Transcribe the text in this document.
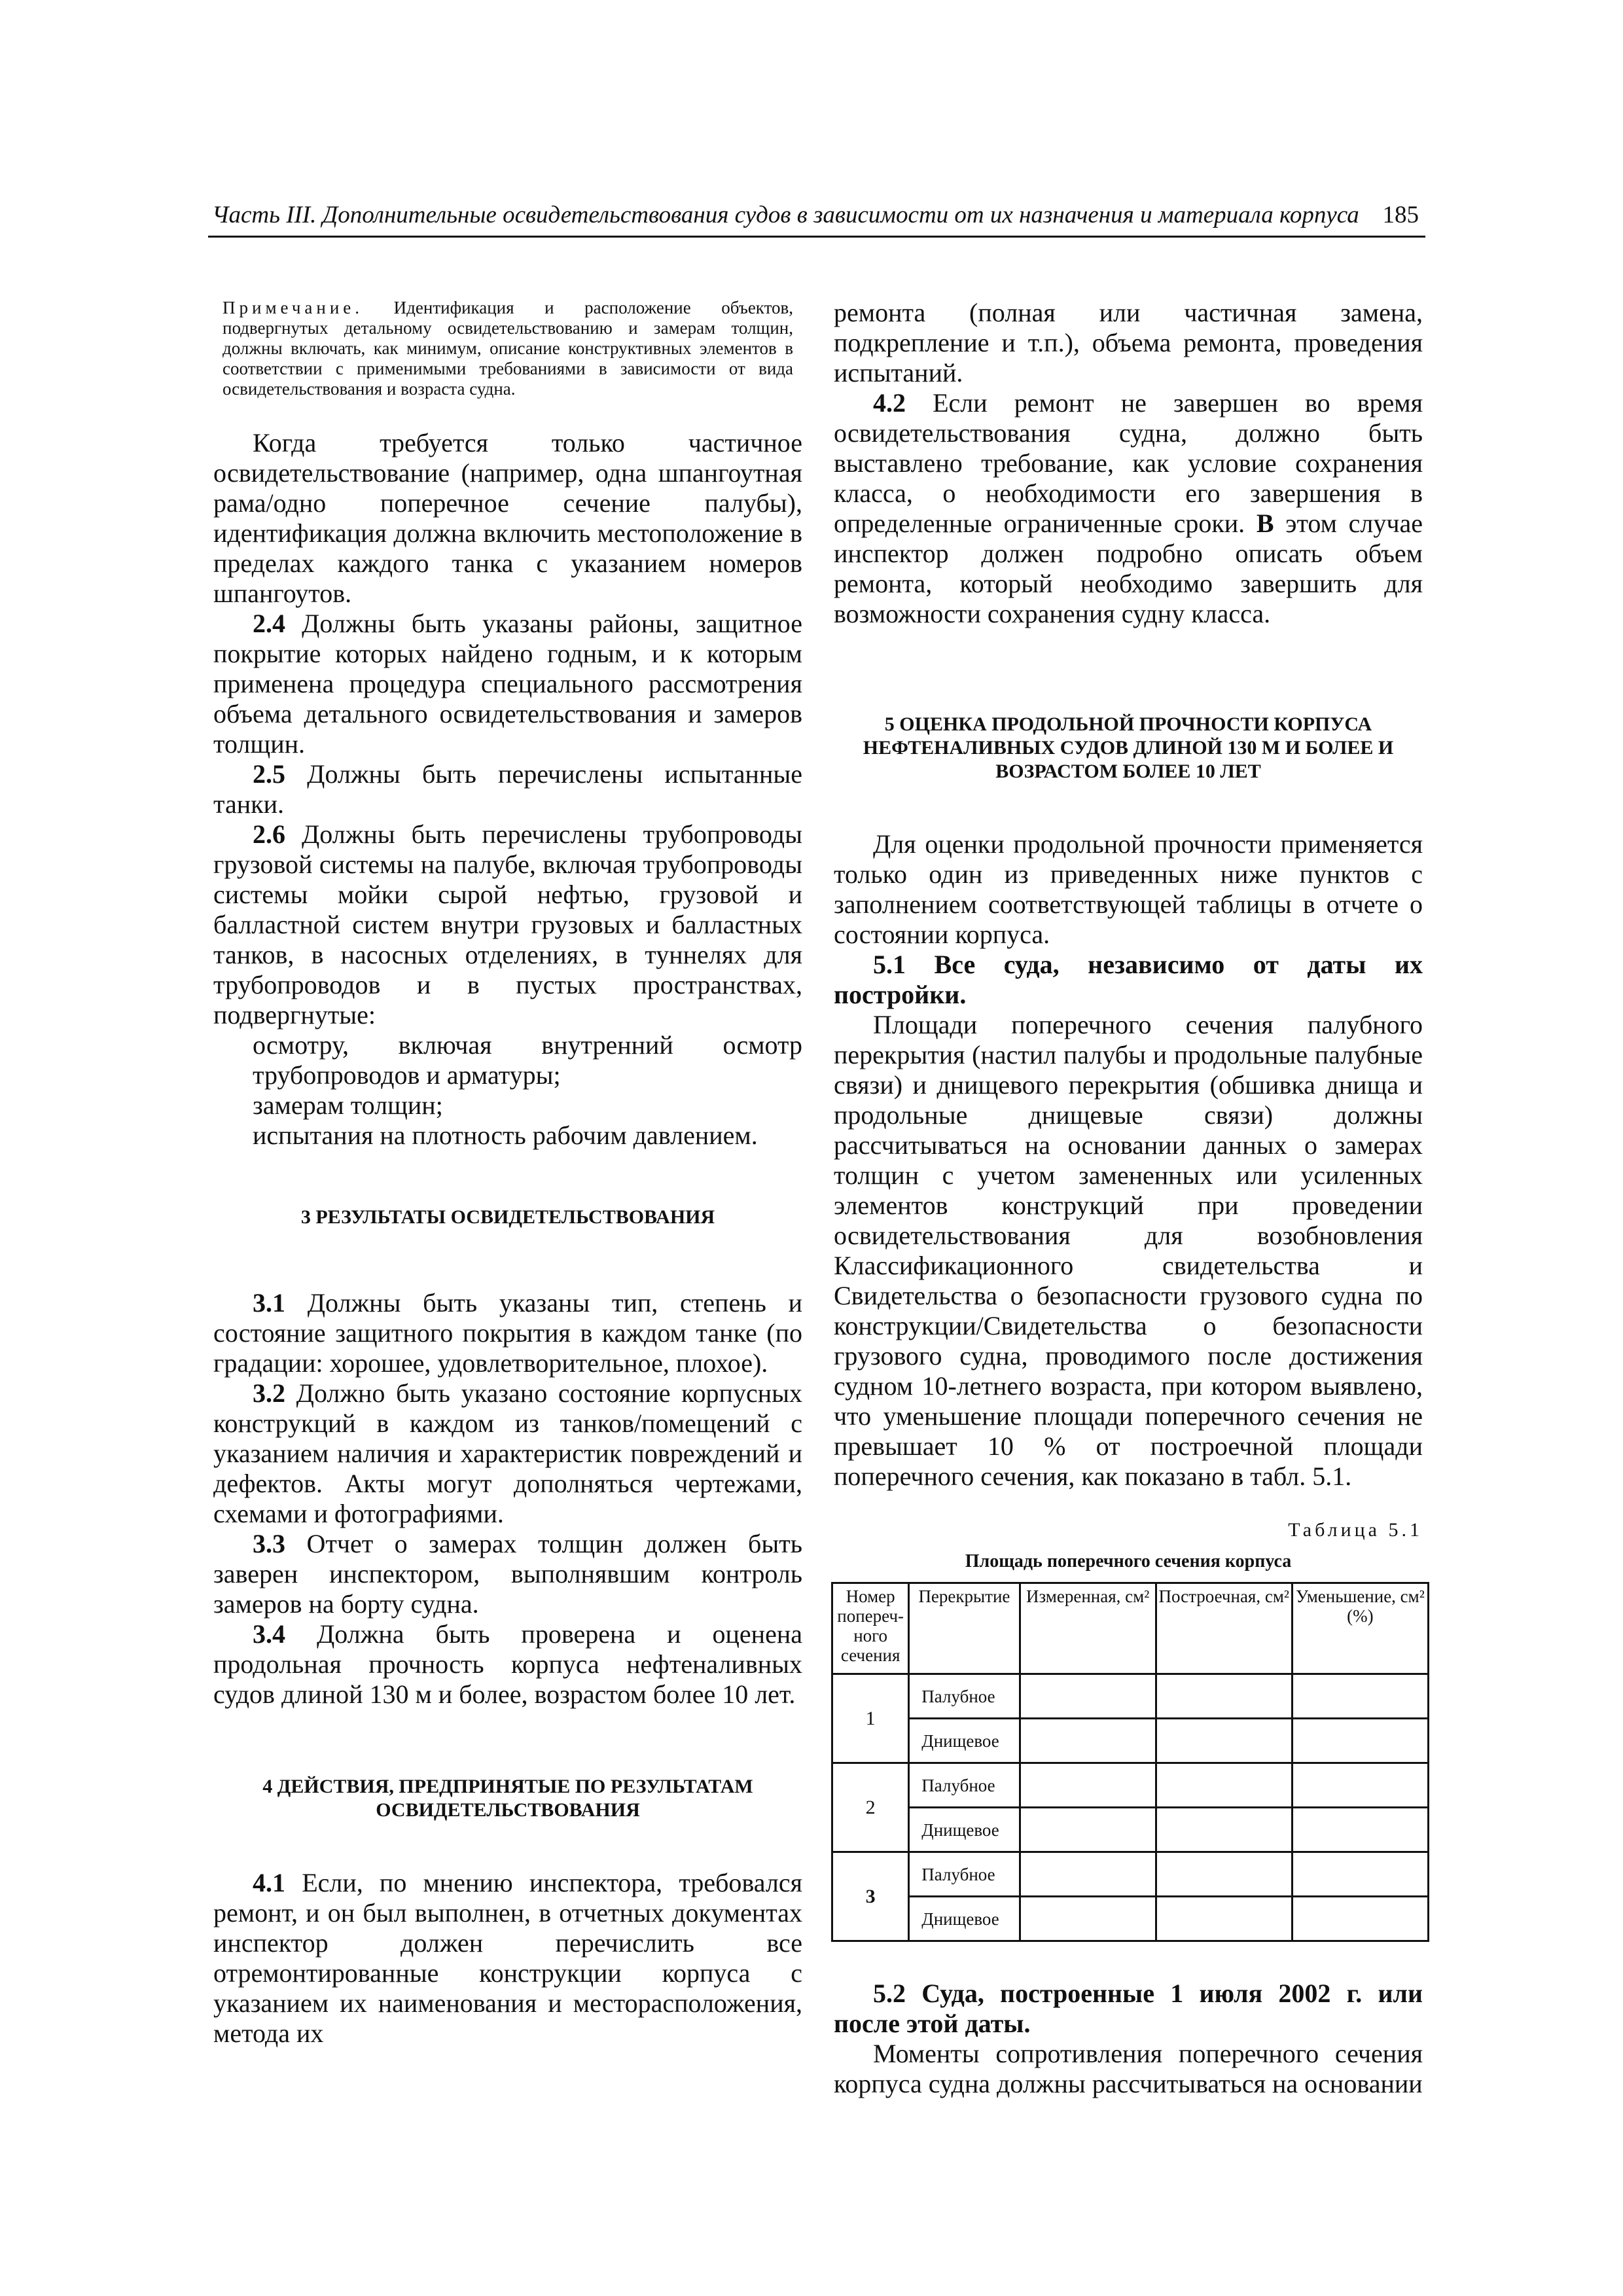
Часть III. Дополнительные освидетельствования судов в зависимости от их назначения и материала корпуса 185
Примечание. Идентификация и расположение объектов, подвергнутых детальному освидетельствованию и замерам толщин, должны включать, как минимум, описание конструктивных элементов в соответствии с применимыми требованиями в зависимости от вида освидетельствования и возраста судна.

Когда требуется только частичное освидетельствование (например, одна шпангоутная рама/одно поперечное сечение палубы), идентификация должна включить местоположение в пределах каждого танка с указанием номеров шпангоутов.

2.4 Должны быть указаны районы, защитное покрытие которых найдено годным, и к которым применена процедура специального рассмотрения объема детального освидетельствования и замеров толщин.

2.5 Должны быть перечислены испытанные танки.

2.6 Должны быть перечислены трубопроводы грузовой системы на палубе, включая трубопроводы системы мойки сырой нефтью, грузовой и балластной систем внутри грузовых и балластных танков, в насосных отделениях, в туннелях для трубопроводов и в пустых пространствах, подвергнутые:

осмотру, включая внутренний осмотр трубопроводов и арматуры;

замерам толщин;

испытания на плотность рабочим давлением.

3 РЕЗУЛЬТАТЫ ОСВИДЕТЕЛЬСТВОВАНИЯ

3.1 Должны быть указаны тип, степень и состояние защитного покрытия в каждом танке (по градации: хорошее, удовлетворительное, плохое).

3.2 Должно быть указано состояние корпусных конструкций в каждом из танков/помещений с указанием наличия и характеристик повреждений и дефектов. Акты могут дополняться чертежами, схемами и фотографиями.

3.3 Отчет о замерах толщин должен быть заверен инспектором, выполнявшим контроль замеров на борту судна.

3.4 Должна быть проверена и оценена продольная прочность корпуса нефтеналивных судов длиной 130 м и более, возрастом более 10 лет.

4 ДЕЙСТВИЯ, ПРЕДПРИНЯТЫЕ ПО РЕЗУЛЬТАТАМ ОСВИДЕТЕЛЬСТВОВАНИЯ

4.1 Если, по мнению инспектора, требовался ремонт, и он был выполнен, в отчетных документах инспектор должен перечислить все отремонтированные конструкции корпуса с указанием их наименования и месторасположения, метода их

ремонта (полная или частичная замена, подкрепление и т.п.), объема ремонта, проведения испытаний.

4.2 Если ремонт не завершен во время освидетельствования судна, должно быть выставлено требование, как условие сохранения класса, о необходимости его завершения в определенные ограниченные сроки. В этом случае инспектор должен подробно описать объем ремонта, который необходимо завершить для возможности сохранения судну класса.

5 ОЦЕНКА ПРОДОЛЬНОЙ ПРОЧНОСТИ КОРПУСА НЕФТЕНАЛИВНЫХ СУДОВ ДЛИНОЙ 130 М И БОЛЕЕ И ВОЗРАСТОМ БОЛЕЕ 10 ЛЕТ

Для оценки продольной прочности применяется только один из приведенных ниже пунктов с заполнением соответствующей таблицы в отчете о состоянии корпуса.

5.1 Все суда, независимо от даты их постройки.

Площади поперечного сечения палубного перекрытия (настил палубы и продольные палубные связи) и днищевого перекрытия (обшивка днища и продольные днищевые связи) должны рассчитываться на основании данных о замерах толщин с учетом замененных или усиленных элементов конструкций при проведении освидетельствования для возобновления Классификационного свидетельства и Свидетельства о безопасности грузового судна по конструкции/Свидетельства о безопасности грузового судна, проводимого после достижения судном 10-летнего возраста, при котором выявлено, что уменьшение площади поперечного сечения не превышает 10 % от построечной площади поперечного сечения, как показано в табл. 5.1.

Таблица 5.1
Площадь поперечного сечения корпуса
Номер попереч-ного сечения	Перекрытие	Измеренная, см²	Построечная, см²	Уменьшение, см² (%)
1	Палубное			
	Днищевое			
2	Палубное			
	Днищевое			
3	Палубное			
	Днищевое			

5.2 Суда, построенные 1 июля 2002 г. или после этой даты.

Моменты сопротивления поперечного сечения корпуса судна должны рассчитываться на основании
